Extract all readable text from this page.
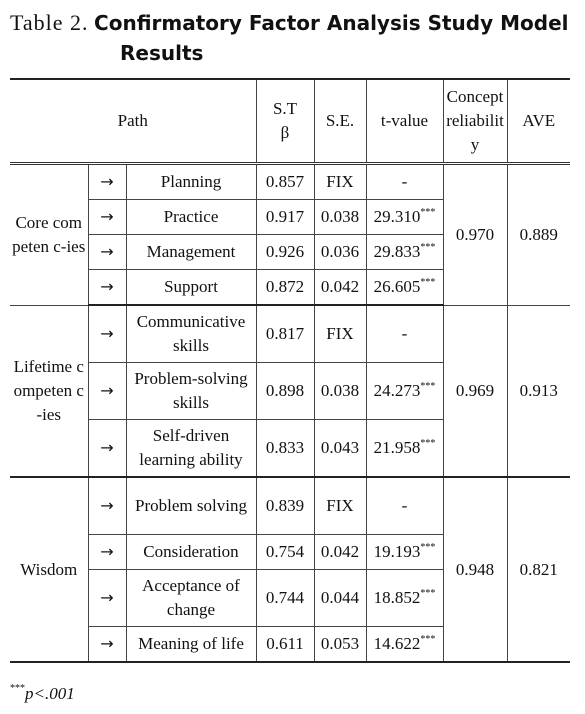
Table 2. Confirmatory Factor Analysis Study Model
Results
Path			S.T
β	S.E.	t-value	Concept reliability	AVE
Core competen c-ies	→	Planning	0.857	FIX	-	0.970	0.889
	→	Practice	0.917	0.038	29.310***
	→	Management	0.926	0.036	29.833***
	→	Support	0.872	0.042	26.605***
Lifetime competen c-ies	→	Communicative skills	0.817	FIX	-	0.969	0.913
	→	Problem-solving skills	0.898	0.038	24.273***
	→	Self-driven learning ability	0.833	0.043	21.958***
Wisdom	→	Problem solving	0.839	FIX	-	0.948	0.821
	→	Consideration	0.754	0.042	19.193***
	→	Acceptance of change	0.744	0.044	18.852***
	→	Meaning of life	0.611	0.053	14.622***
***p<.001
